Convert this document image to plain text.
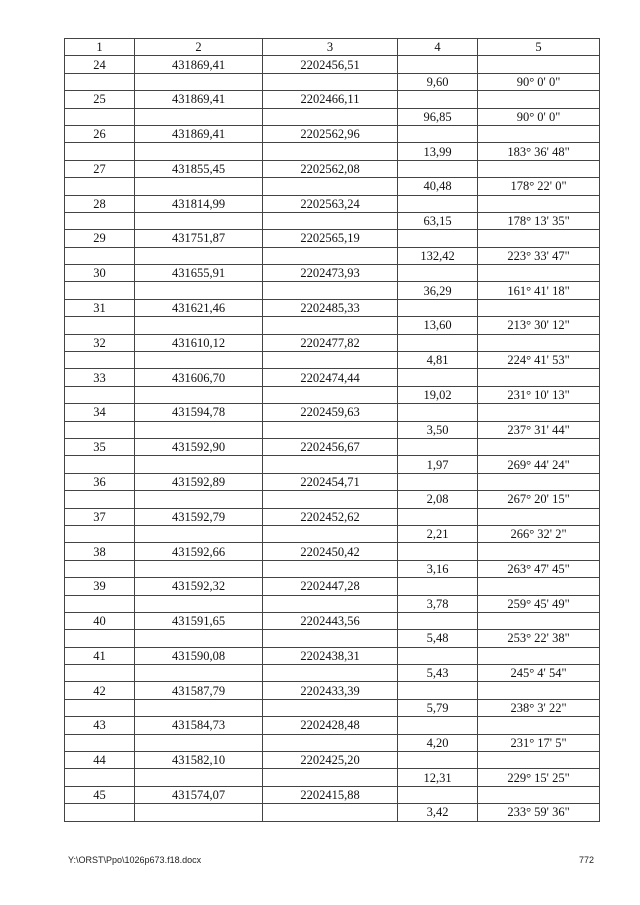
1	2	3	4	5
24	431869,41	2202456,51		
			9,60	90° 0' 0"
25	431869,41	2202466,11		
			96,85	90° 0' 0"
26	431869,41	2202562,96		
			13,99	183° 36' 48"
27	431855,45	2202562,08		
			40,48	178° 22' 0"
28	431814,99	2202563,24		
			63,15	178° 13' 35"
29	431751,87	2202565,19		
			132,42	223° 33' 47"
30	431655,91	2202473,93		
			36,29	161° 41' 18"
31	431621,46	2202485,33		
			13,60	213° 30' 12"
32	431610,12	2202477,82		
			4,81	224° 41' 53"
33	431606,70	2202474,44		
			19,02	231° 10' 13"
34	431594,78	2202459,63		
			3,50	237° 31' 44"
35	431592,90	2202456,67		
			1,97	269° 44' 24"
36	431592,89	2202454,71		
			2,08	267° 20' 15"
37	431592,79	2202452,62		
			2,21	266° 32' 2"
38	431592,66	2202450,42		
			3,16	263° 47' 45"
39	431592,32	2202447,28		
			3,78	259° 45' 49"
40	431591,65	2202443,56		
			5,48	253° 22' 38"
41	431590,08	2202438,31		
			5,43	245° 4' 54"
42	431587,79	2202433,39		
			5,79	238° 3' 22"
43	431584,73	2202428,48		
			4,20	231° 17' 5"
44	431582,10	2202425,20		
			12,31	229° 15' 25"
45	431574,07	2202415,88		
			3,42	233° 59' 36"
Y:\ORST\Ppo\1026p673.f18.docx	772
